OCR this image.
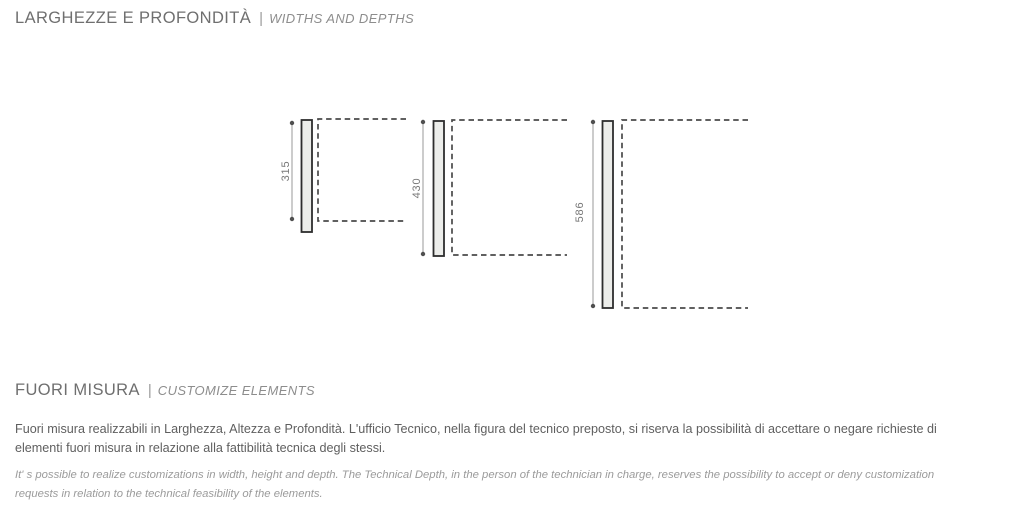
LARGHEZZE E PROFONDITÀ | WIDTHS AND DEPTHS
315
430
586
FUORI MISURA | CUSTOMIZE ELEMENTS
Fuori misura realizzabili in Larghezza, Altezza e Profondità. L'ufficio Tecnico, nella figura del tecnico preposto, si riserva la possibilità di accettare o negare richieste di elementi fuori misura in relazione alla fattibilità tecnica degli stessi.
It' s possible to realize customizations in width, height and depth. The Technical Depth, in the person of the technician in charge, reserves the possibility to accept or deny customization requests in relation to the technical feasibility of the elements.
